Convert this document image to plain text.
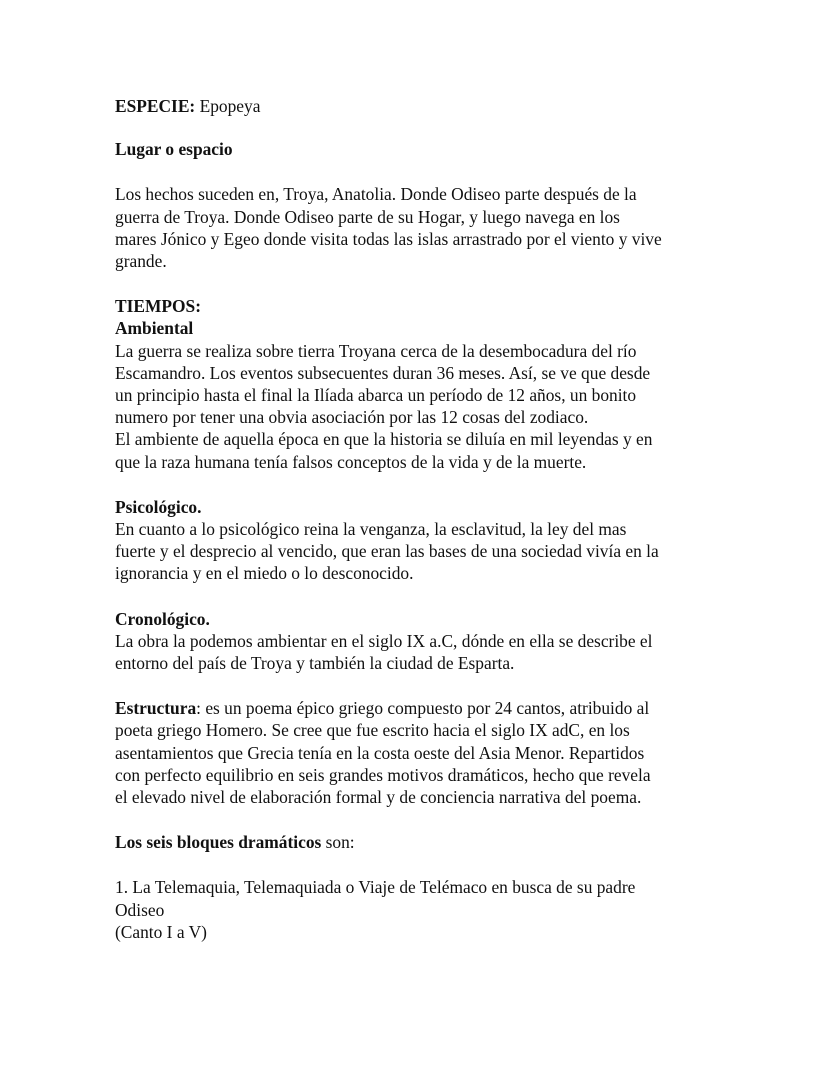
ESPECIE: Epopeya

Lugar o espacio

Los hechos suceden en, Troya, Anatolia. Donde Odiseo parte después de la

guerra de Troya. Donde Odiseo parte de su Hogar, y luego navega en los

mares Jónico y Egeo donde visita todas las islas arrastrado por el viento y vive

grande.

TIEMPOS:

Ambiental

La guerra se realiza sobre tierra Troyana cerca de la desembocadura del río

Escamandro. Los eventos subsecuentes duran 36 meses. Así, se ve que desde

un principio hasta el final la Ilíada abarca un período de 12 años, un bonito

numero por tener una obvia asociación por las 12 cosas del zodiaco.

El ambiente de aquella época en que la historia se diluía en mil leyendas y en

que la raza humana tenía falsos conceptos de la vida y de la muerte.

Psicológico.

En cuanto a lo psicológico reina la venganza, la esclavitud, la ley del mas

fuerte y el desprecio al vencido, que eran las bases de una sociedad vivía en la

ignorancia y en el miedo o lo desconocido.

Cronológico.

La obra la podemos ambientar en el siglo IX a.C, dónde en ella se describe el

entorno del país de Troya y también la ciudad de Esparta.

Estructura: es un poema épico griego compuesto por 24 cantos, atribuido al

poeta griego Homero. Se cree que fue escrito hacia el siglo IX adC, en los

asentamientos que Grecia tenía en la costa oeste del Asia Menor. Repartidos

con perfecto equilibrio en seis grandes motivos dramáticos, hecho que revela

el elevado nivel de elaboración formal y de conciencia narrativa del poema.

Los seis bloques dramáticos son:

1. La Telemaquia, Telemaquiada o Viaje de Telémaco en busca de su padre

Odiseo

(Canto I a V)
